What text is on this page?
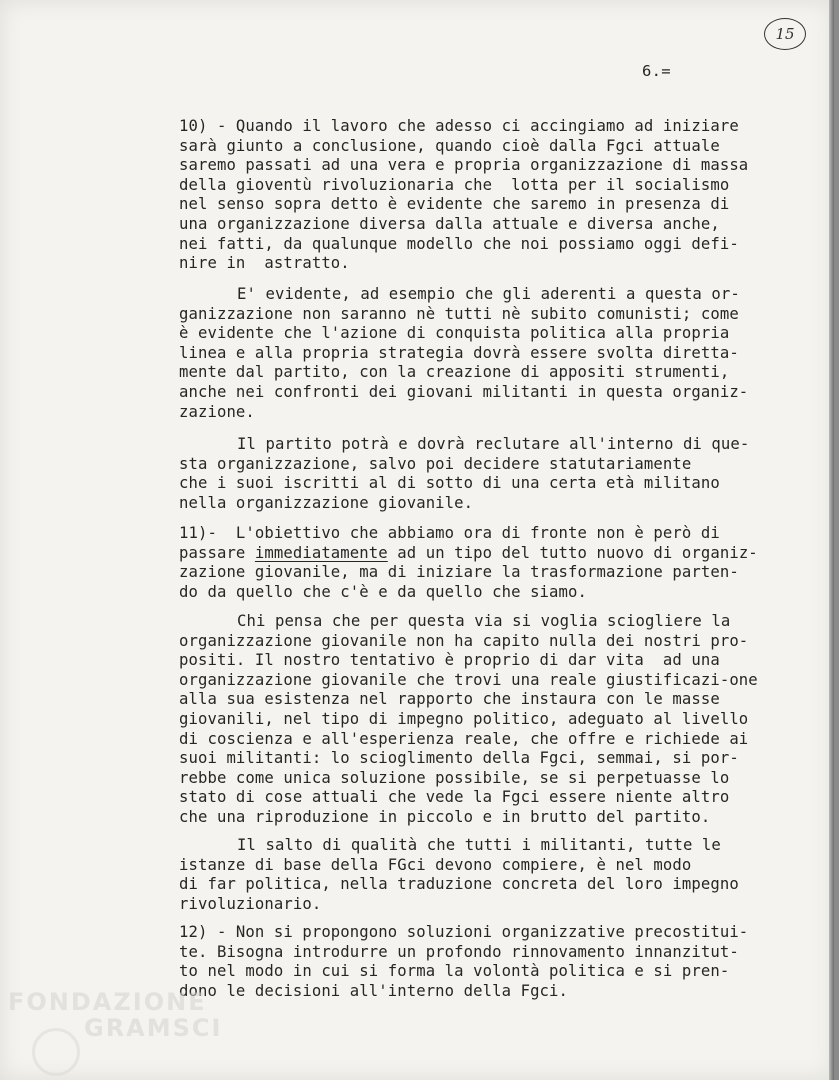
15
6.=
10) - Quando il lavoro che adesso ci accingiamo ad iniziare
sarà giunto a conclusione, quando cioè dalla Fgci attuale
saremo passati ad una vera e propria organizzazione di massa
della gioventù rivoluzionaria che  lotta per il socialismo
nel senso sopra detto è evidente che saremo in presenza di
una organizzazione diversa dalla attuale e diversa anche,
nei fatti, da qualunque modello che noi possiamo oggi defi-
nire in  astratto.
E' evidente, ad esempio che gli aderenti a questa or-
ganizzazione non saranno nè tutti nè subito comunisti; come
è evidente che l'azione di conquista politica alla propria
linea e alla propria strategia dovrà essere svolta diretta-
mente dal partito, con la creazione di appositi strumenti,
anche nei confronti dei giovani militanti in questa organiz-
zazione.
Il partito potrà e dovrà reclutare all'interno di que-
sta organizzazione, salvo poi decidere statutariamente
che i suoi iscritti al di sotto di una certa età militano
nella organizzazione giovanile.
11)-  L'obiettivo che abbiamo ora di fronte non è però di
passare immediatamente ad un tipo del tutto nuovo di organiz-
zazione giovanile, ma di iniziare la trasformazione parten-
do da quello che c'è e da quello che siamo.
Chi pensa che per questa via si voglia sciogliere la
organizzazione giovanile non ha capito nulla dei nostri pro-
positi. Il nostro tentativo è proprio di dar vita  ad una
organizzazione giovanile che trovi una reale giustificazi-one
alla sua esistenza nel rapporto che instaura con le masse
giovanili, nel tipo di impegno politico, adeguato al livello
di coscienza e all'esperienza reale, che offre e richiede ai
suoi militanti: lo scioglimento della Fgci, semmai, si por-
rebbe come unica soluzione possibile, se si perpetuasse lo
stato di cose attuali che vede la Fgci essere niente altro
che una riproduzione in piccolo e in brutto del partito.
Il salto di qualità che tutti i militanti, tutte le
istanze di base della FGci devono compiere, è nel modo
di far politica, nella traduzione concreta del loro impegno
rivoluzionario.
12) - Non si propongono soluzioni organizzative precostitui-
te. Bisogna introdurre un profondo rinnovamento innanzitut-
to nel modo in cui si forma la volontà politica e si pren-
dono le decisioni all'interno della Fgci.
FONDAZIONE
GRAMSCI
